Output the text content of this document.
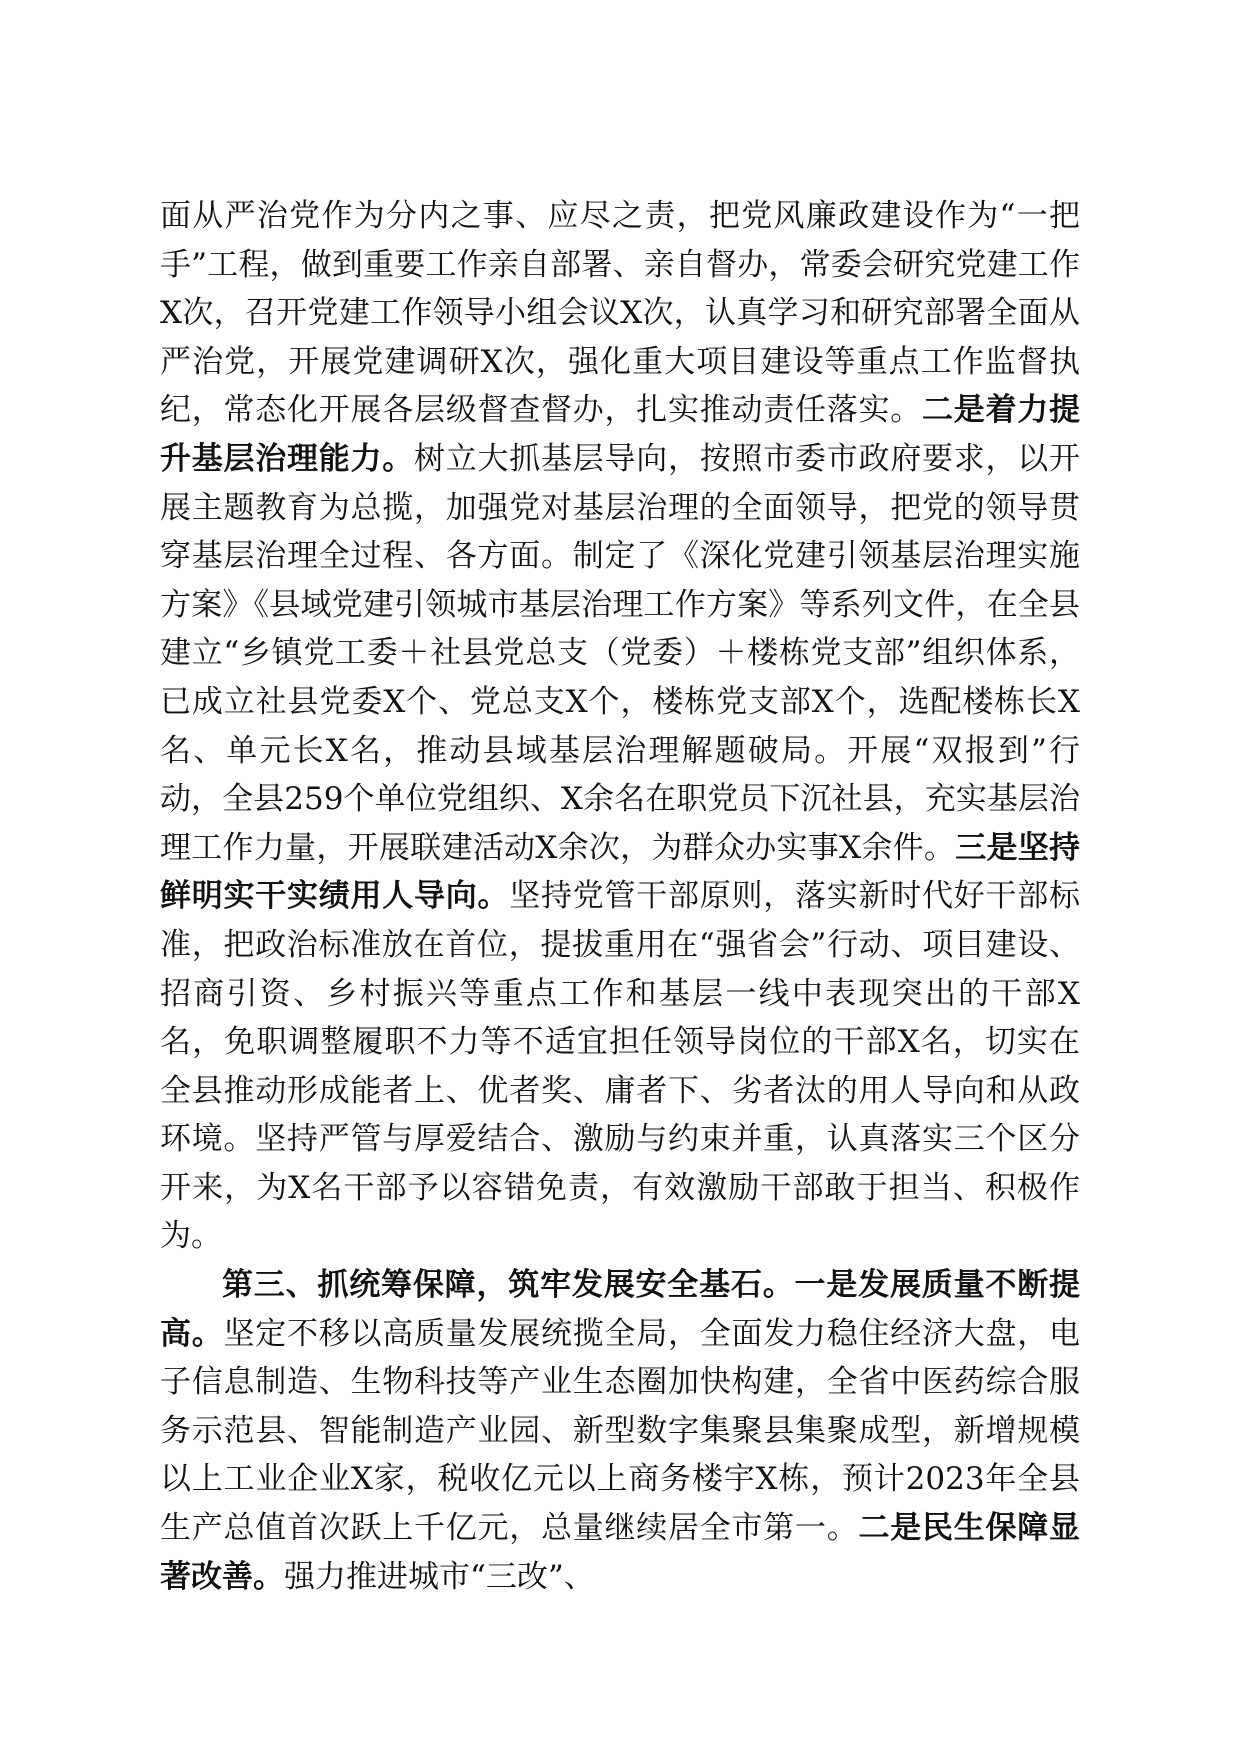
面从严治党作为分内之事、应尽之责，把党风廉政建设作为“一把手”工程，做到重要工作亲自部署、亲自督办，常委会研究党建工作X次，召开党建工作领导小组会议X次，认真学习和研究部署全面从严治党，开展党建调研X次，强化重大项目建设等重点工作监督执纪，常态化开展各层级督查督办，扎实推动责任落实。二是着力提升基层治理能力。树立大抓基层导向，按照市委市政府要求，以开展主题教育为总揽，加强党对基层治理的全面领导，把党的领导贯穿基层治理全过程、各方面。制定了《深化党建引领基层治理实施方案》《县域党建引领城市基层治理工作方案》等系列文件，在全县建立“乡镇党工委＋社县党总支（党委）＋楼栋党支部”组织体系，已成立社县党委X个、党总支X个，楼栋党支部X个，选配楼栋长X名、单元长X名，推动县域基层治理解题破局。开展“双报到”行动，全县259个单位党组织、X余名在职党员下沉社县，充实基层治理工作力量，开展联建活动X余次，为群众办实事X余件。三是坚持鲜明实干实绩用人导向。坚持党管干部原则，落实新时代好干部标准，把政治标准放在首位，提拔重用在“强省会”行动、项目建设、招商引资、乡村振兴等重点工作和基层一线中表现突出的干部X名，免职调整履职不力等不适宜担任领导岗位的干部X名，切实在全县推动形成能者上、优者奖、庸者下、劣者汰的用人导向和从政环境。坚持严管与厚爱结合、激励与约束并重，认真落实三个区分开来，为X名干部予以容错免责，有效激励干部敢于担当、积极作为。

第三、抓统筹保障，筑牢发展安全基石。一是发展质量不断提高。坚定不移以高质量发展统揽全局，全面发力稳住经济大盘，电子信息制造、生物科技等产业生态圈加快构建，全省中医药综合服务示范县、智能制造产业园、新型数字集聚县集聚成型，新增规模以上工业企业X家，税收亿元以上商务楼宇X栋，预计2023年全县生产总值首次跃上千亿元，总量继续居全市第一。二是民生保障显著改善。强力推进城市“三改”、
